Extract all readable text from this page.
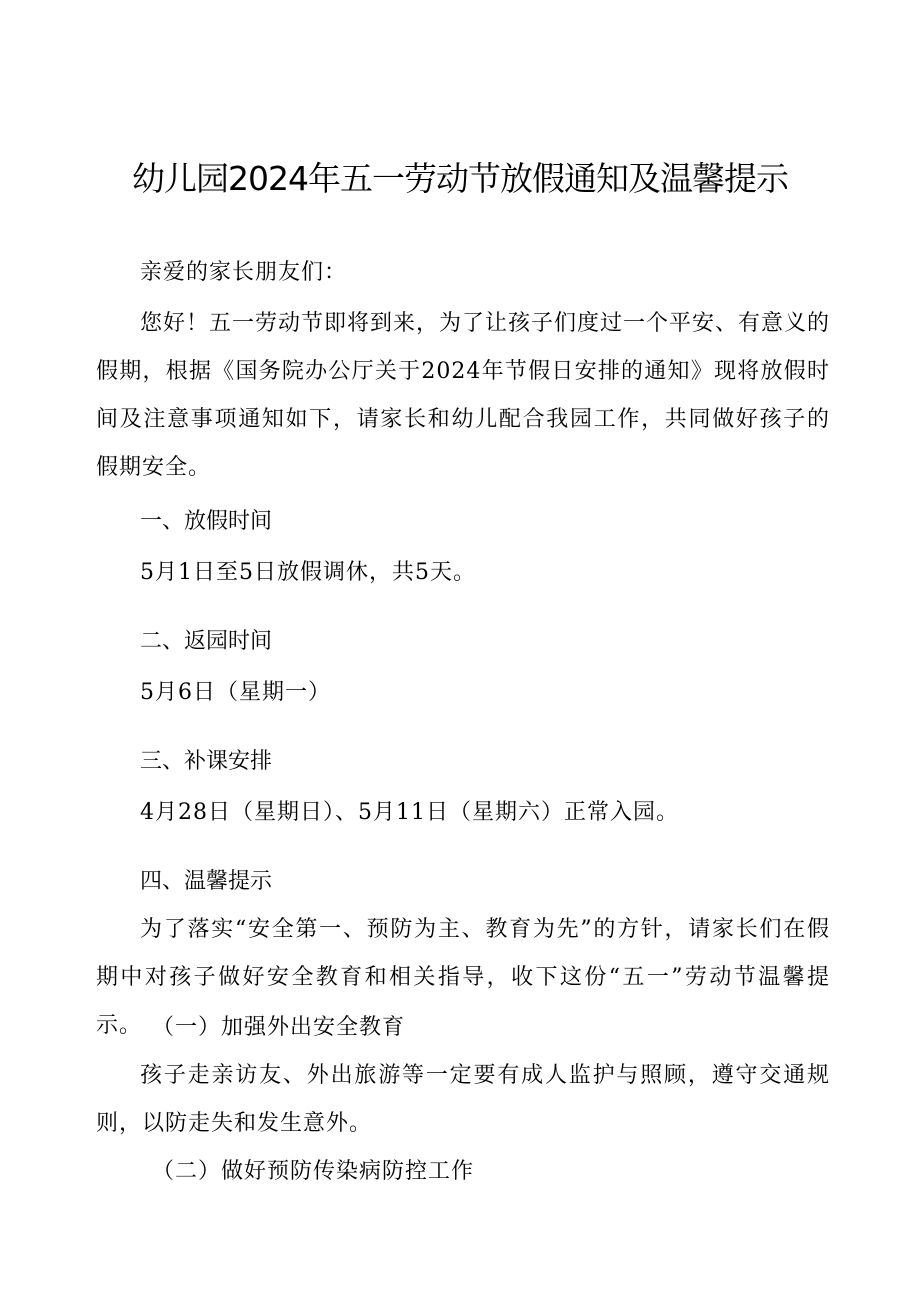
幼儿园2024年五一劳动节放假通知及温馨提示
亲爱的家长朋友们：
您好！五一劳动节即将到来，为了让孩子们度过一个平安、有意义的假期，根据《国务院办公厅关于2024年节假日安排的通知》现将放假时间及注意事项通知如下，请家长和幼儿配合我园工作，共同做好孩子的假期安全。
一、放假时间
5月1日至5日放假调休，共5天。
二、返园时间
5月6日（星期一）
三、补课安排
4月28日（星期日）、5月11日（星期六）正常入园。
四、温馨提示
为了落实“安全第一、预防为主、教育为先”的方针，请家长们在假期中对孩子做好安全教育和相关指导，收下这份“五一”劳动节温馨提示。 （一）加强外出安全教育
孩子走亲访友、外出旅游等一定要有成人监护与照顾，遵守交通规则，以防走失和发生意外。
（二）做好预防传染病防控工作
